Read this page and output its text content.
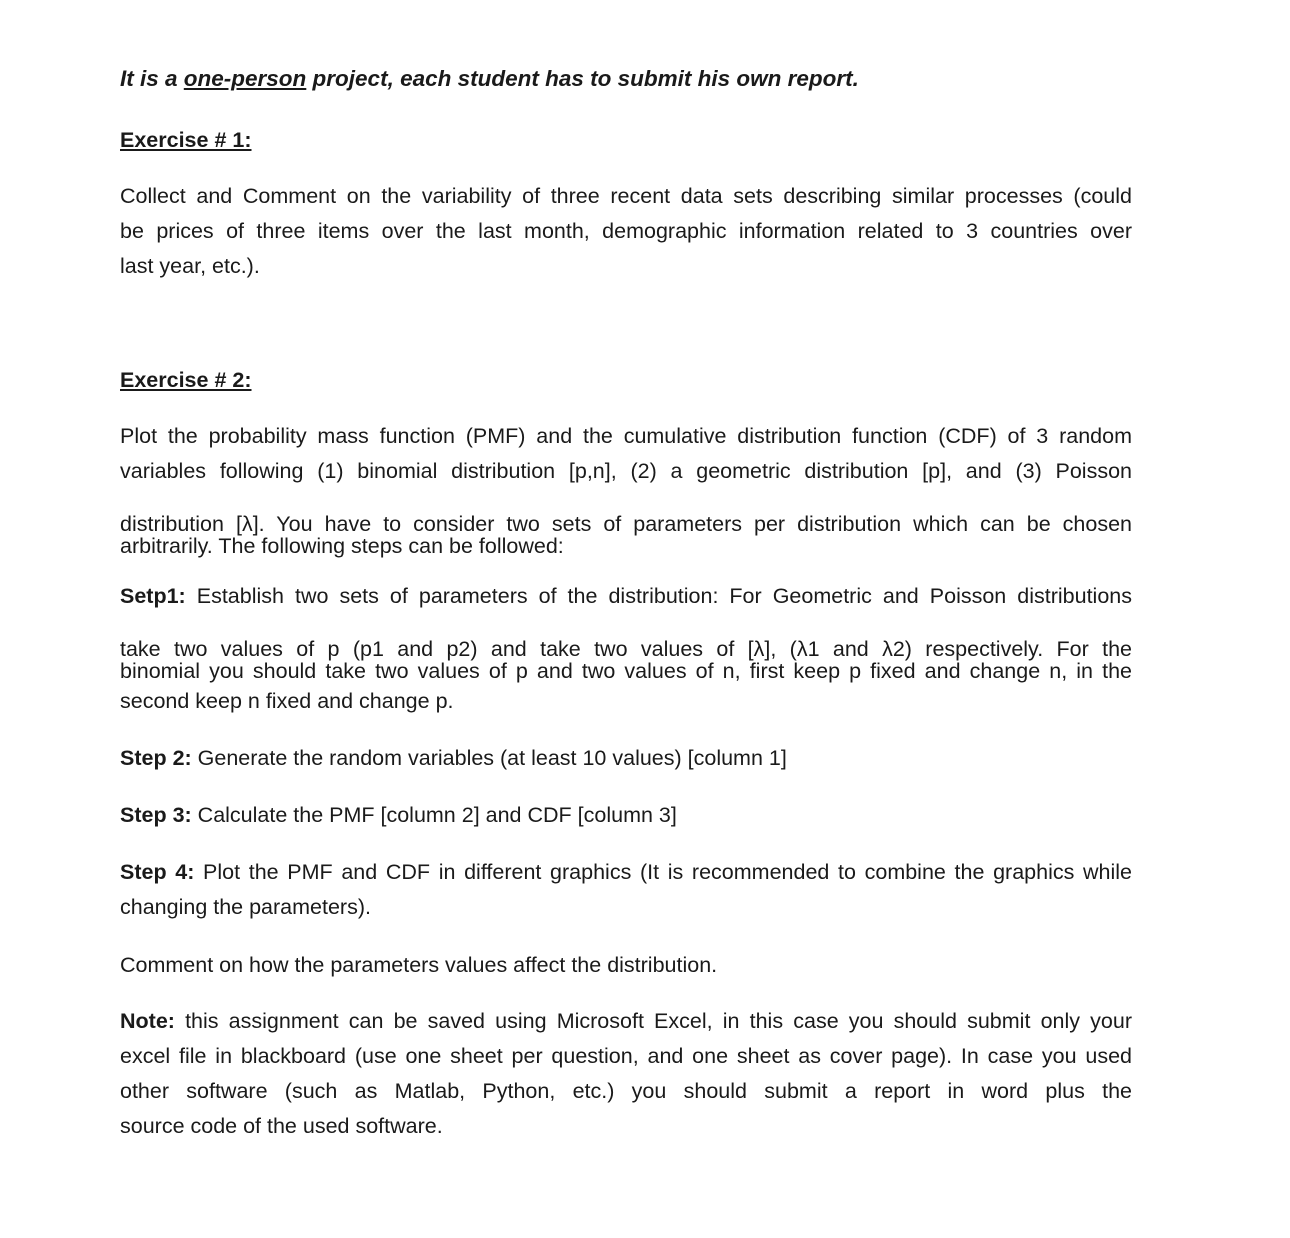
It is a one-person project, each student has to submit his own report.

Exercise # 1:

Collect and Comment on the variability of three recent data sets describing similar processes (could

be prices of three items over the last month, demographic information related to 3 countries over

last year, etc.).

Exercise # 2:

Plot the probability mass function (PMF) and the cumulative distribution function (CDF) of 3 random

variables following (1) binomial distribution [p,n], (2) a geometric distribution [p], and (3) Poisson

distribution [λ]. You have to consider two sets of parameters per distribution which can be chosen

arbitrarily. The following steps can be followed:

Setp1: Establish two sets of parameters of the distribution: For Geometric and Poisson distributions

take two values of p (p1 and p2) and take two values of [λ], (λ1 and λ2) respectively. For the

binomial you should take two values of p and two values of n, first keep p fixed and change n, in the

second keep n fixed and change p.

Step 2: Generate the random variables (at least 10 values) [column 1]

Step 3: Calculate the PMF [column 2] and CDF [column 3]

Step 4: Plot the PMF and CDF in different graphics (It is recommended to combine the graphics while

changing the parameters).

Comment on how the parameters values affect the distribution.

Note: this assignment can be saved using Microsoft Excel, in this case you should submit only your

excel file in blackboard (use one sheet per question, and one sheet as cover page). In case you used

other software (such as Matlab, Python, etc.) you should submit a report in word plus the

source code of the used software.
